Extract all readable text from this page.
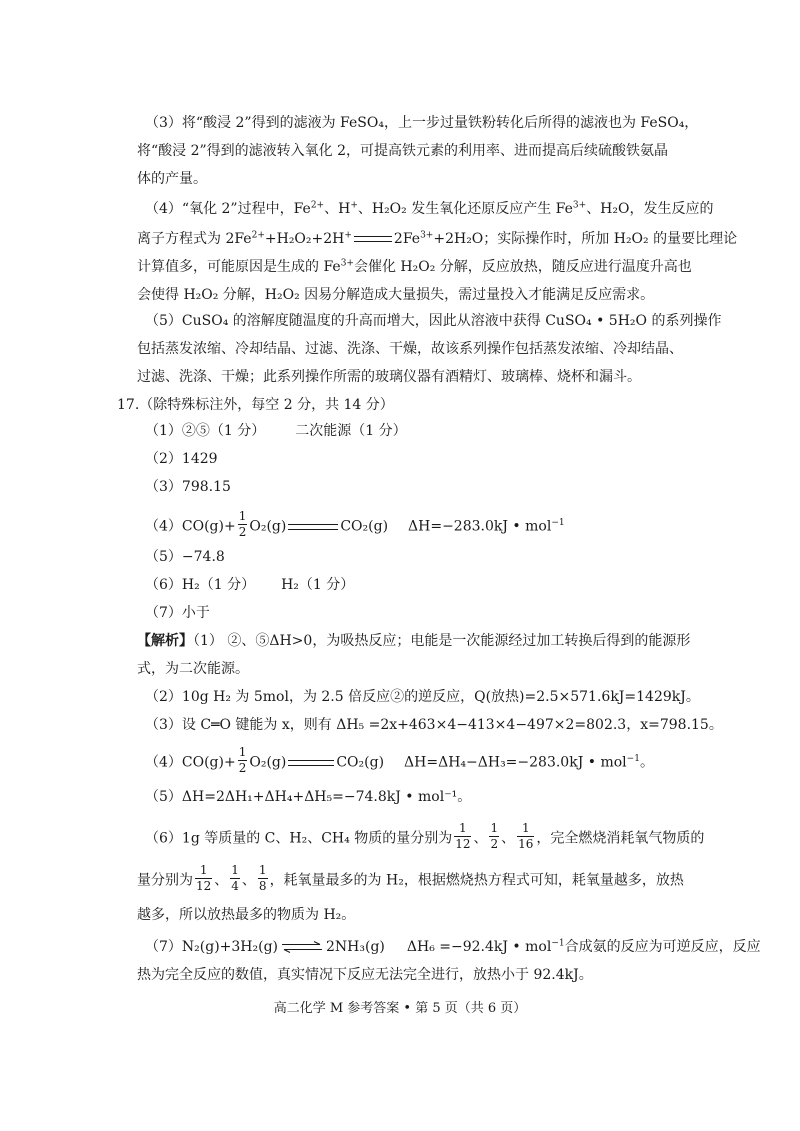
（3）将“酸浸 2”得到的滤液为 FeSO₄，上一步过量铁粉转化后所得的滤液也为 FeSO₄，
将“酸浸 2”得到的滤液转入氧化 2，可提高铁元素的利用率、进而提高后续硫酸铁氨晶
体的产量。
（4）“氧化 2”过程中，$Fe^{2+}$、H+、H₂O₂ 发生氧化还原反应产生 $Fe^{3+}$、H₂O，发生反应的
离子方程式为 $2Fe^{2+}+H_2O_2+2H^+$	$2Fe^{3+}+2H_2O$；实际操作时，所加 H₂O₂ 的量要比理论
计算值多，可能原因是生成的 $Fe^{3+}$会催化 H₂O₂ 分解，反应放热，随反应进行温度升高也
会使得 H₂O₂ 分解，H₂O₂ 因易分解造成大量损失，需过量投入才能满足反应需求。
（5）CuSO₄ 的溶解度随温度的升高而增大，因此从溶液中获得 CuSO₄ • 5H₂O 的系列操作
包括蒸发浓缩、冷却结晶、过滤、洗涤、干燥，故该系列操作包括蒸发浓缩、冷却结晶、
过滤、洗涤、干燥；此系列操作所需的玻璃仪器有酒精灯、玻璃棒、烧杯和漏斗。
17.（除特殊标注外，每空 2 分，共 14 分）
（1）②⑤（1 分） 二次能源（1 分）
（2）1429
（3）798.15
$(4)CO(g)+ \frac{1}{2} O_2(g)$	CO₂(g) ΔH=−283.0kJ • mol$^{-1}$
（5）−74.8
（6）H₂（1 分） H₂（1 分）
（7）小于
【解析】（1） ②、⑤ΔH>0，为吸热反应；电能是一次能源经过加工转换后得到的能源形
式，为二次能源。
（2）10g H₂ 为 5mol，为 2.5 倍反应②的逆反应，Q(放热)=2.5×571.6kJ=1429kJ。
（3）设 C═O 键能为 x，则有 ΔH₅ =2x+463×4−413×4−497×2=802.3，x=798.15。
$(4)CO(g)+ \frac{1}{2} O_2(g)$	CO₂(g) ΔH=ΔH₄−ΔH₃=−283.0kJ • mol$^{-1}$。
（5）ΔH=2ΔH₁+ΔH₄+ΔH₅=−74.8kJ • mol⁻¹。
（6）1g 等质量的 C、H₂、CH₄ 物质的量分别为 $\frac{1}{12}$ 、 $\frac{1}{2}$ 、 $\frac{1}{16}$ ，完全燃烧消耗氧气物质的
量分别为 $\frac{1}{12}$ 、 $\frac{1}{4}$ 、 $\frac{1}{8}$ ，耗氧量最多的为 H₂，根据燃烧热方程式可知，耗氧量越多，放热
越多，所以放热最多的物质为 H₂。
（7）N₂(g)+3H₂(g) ⇌ 2NH₃(g) ΔH₆ =−92.4kJ • mol$^{-1}$合成氨的反应为可逆反应，反应
热为完全反应的数值，真实情况下反应无法完全进行，放热小于 92.4kJ。
高二化学 M 参考答案 • 第 5 页（共 6 页）
